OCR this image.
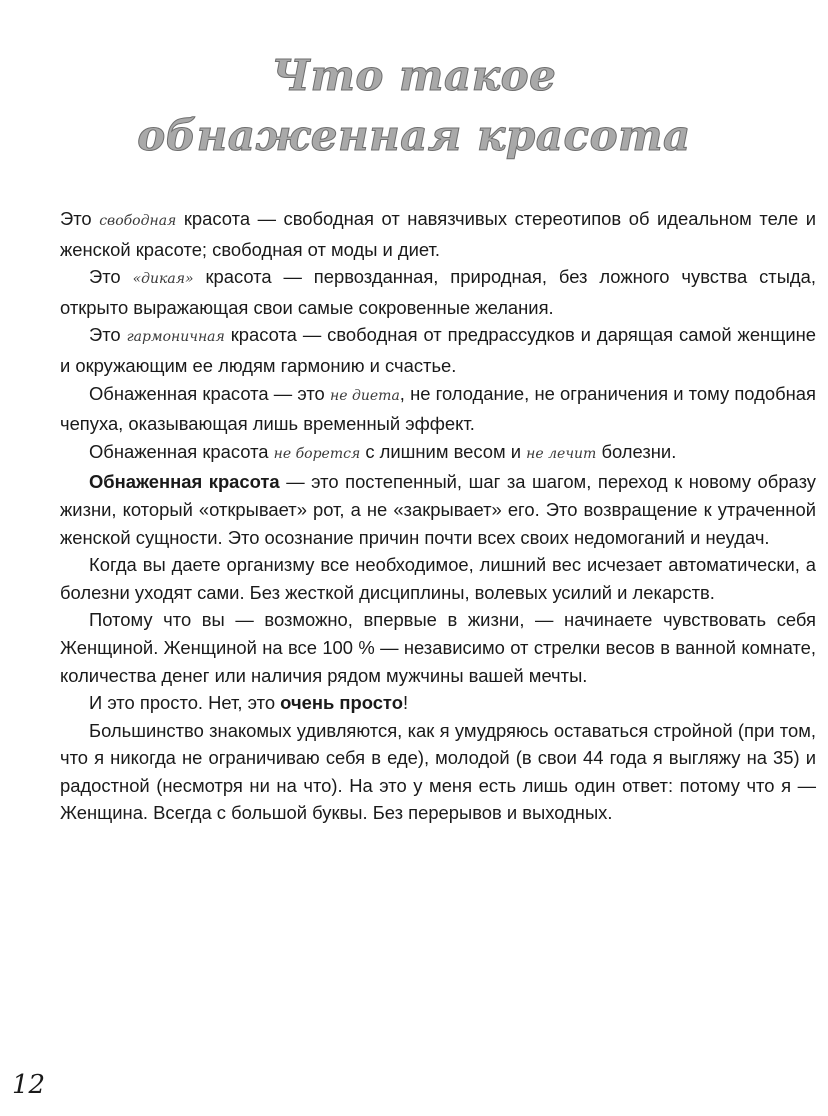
Что такое
обнаженная красота

Это свободная красота — свободная от навязчивых стереотипов об идеальном теле и женской красоте; свободная от моды и диет.

Это «дикая» красота — первозданная, природная, без ложного чувства стыда, открыто выражающая свои самые сокровенные желания.

Это гармоничная красота — свободная от предрассудков и дарящая самой женщине и окружающим ее людям гармонию и счастье.

Обнаженная красота — это не диета, не голодание, не ограничения и тому подобная чепуха, оказывающая лишь временный эффект.

Обнаженная красота не борется с лишним весом и не лечит болезни.

Обнаженная красота — это постепенный, шаг за шагом, переход к новому образу жизни, который «открывает» рот, а не «закрывает» его. Это возвращение к утраченной женской сущности. Это осознание причин почти всех своих недомоганий и неудач.

Когда вы даете организму все необходимое, лишний вес исчезает автоматически, а болезни уходят сами. Без жесткой дисциплины, волевых усилий и лекарств.

Потому что вы — возможно, впервые в жизни, — начинаете чувствовать себя Женщиной. Женщиной на все 100 % — независимо от стрелки весов в ванной комнате, количества денег или наличия рядом мужчины вашей мечты.

И это просто. Нет, это очень просто!

Большинство знакомых удивляются, как я умудряюсь оставаться стройной (при том, что я никогда не ограничиваю себя в еде), молодой (в свои 44 года я выгляжу на 35) и радостной (несмотря ни на что). На это у меня есть лишь один ответ: потому что я — Женщина. Всегда с большой буквы. Без перерывов и выходных.

12
